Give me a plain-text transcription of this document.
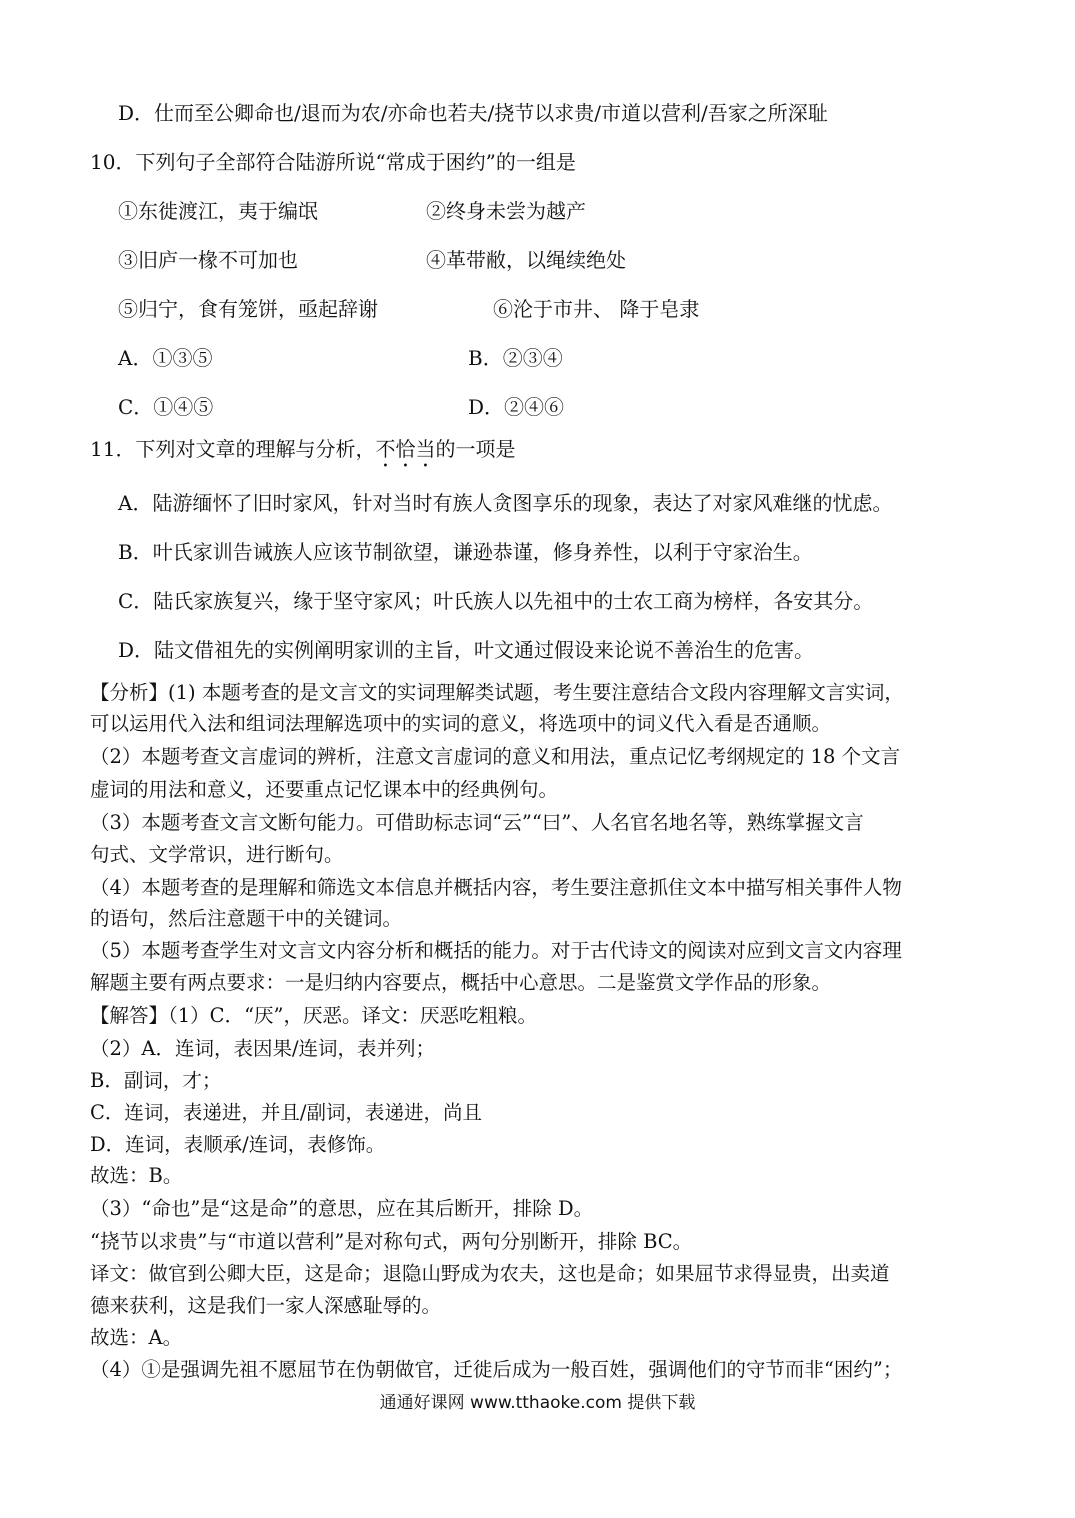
D．仕而至公卿命也/退而为农/亦命也若夫/挠节以求贵/市道以营利/吾家之所深耻
10．下列句子全部符合陆游所说“常成于困约”的一组是
①东徙渡江，夷于编氓	②终身未尝为越产
③旧庐一椽不可加也	④革带敝，以绳续绝处
⑤归宁，食有笼饼，亟起辞谢	⑥沦于市井、 降于皂隶
A．①③⑤	B．②③④
C．①④⑤	D．②④⑥
11．下列对文章的理解与分析，不恰当的一项是
A．陆游缅怀了旧时家风，针对当时有族人贪图享乐的现象，表达了对家风难继的忧虑。
B．叶氏家训告诫族人应该节制欲望，谦逊恭谨，修身养性，以利于守家治生。
C．陆氏家族复兴，缘于坚守家风；叶氏族人以先祖中的士农工商为榜样，各安其分。
D．陆文借祖先的实例阐明家训的主旨，叶文通过假设来论说不善治生的危害。
【分析】(1) 本题考查的是文言文的实词理解类试题，考生要注意结合文段内容理解文言实词，
可以运用代入法和组词法理解选项中的实词的意义，将选项中的词义代入看是否通顺。
（2）本题考查文言虚词的辨析，注意文言虚词的意义和用法，重点记忆考纲规定的 18 个文言
虚词的用法和意义，还要重点记忆课本中的经典例句。
（3）本题考查文言文断句能力。可借助标志词“云”“曰”、人名官名地名等，熟练掌握文言
句式、文学常识，进行断句。
（4）本题考查的是理解和筛选文本信息并概括内容，考生要注意抓住文本中描写相关事件人物
的语句，然后注意题干中的关键词。
（5）本题考查学生对文言文内容分析和概括的能力。对于古代诗文的阅读对应到文言文内容理
解题主要有两点要求：一是归纳内容要点，概括中心意思。二是鉴赏文学作品的形象。
【解答】（1）C．“厌”，厌恶。译文：厌恶吃粗粮。
（2）A．连词，表因果/连词，表并列；
B．副词，才；
C．连词，表递进，并且/副词，表递进，尚且
D．连词，表顺承/连词，表修饰。
故选：B。
（3）“命也”是“这是命”的意思，应在其后断开，排除 D。
“挠节以求贵”与“市道以营利”是对称句式，两句分别断开，排除 BC。
译文：做官到公卿大臣，这是命；退隐山野成为农夫，这也是命；如果屈节求得显贵，出卖道
德来获利，这是我们一家人深感耻辱的。
故选：A。
（4）①是强调先祖不愿屈节在伪朝做官，迁徙后成为一般百姓，强调他们的守节而非“困约”；
通通好课网 www.tthaoke.com 提供下载
